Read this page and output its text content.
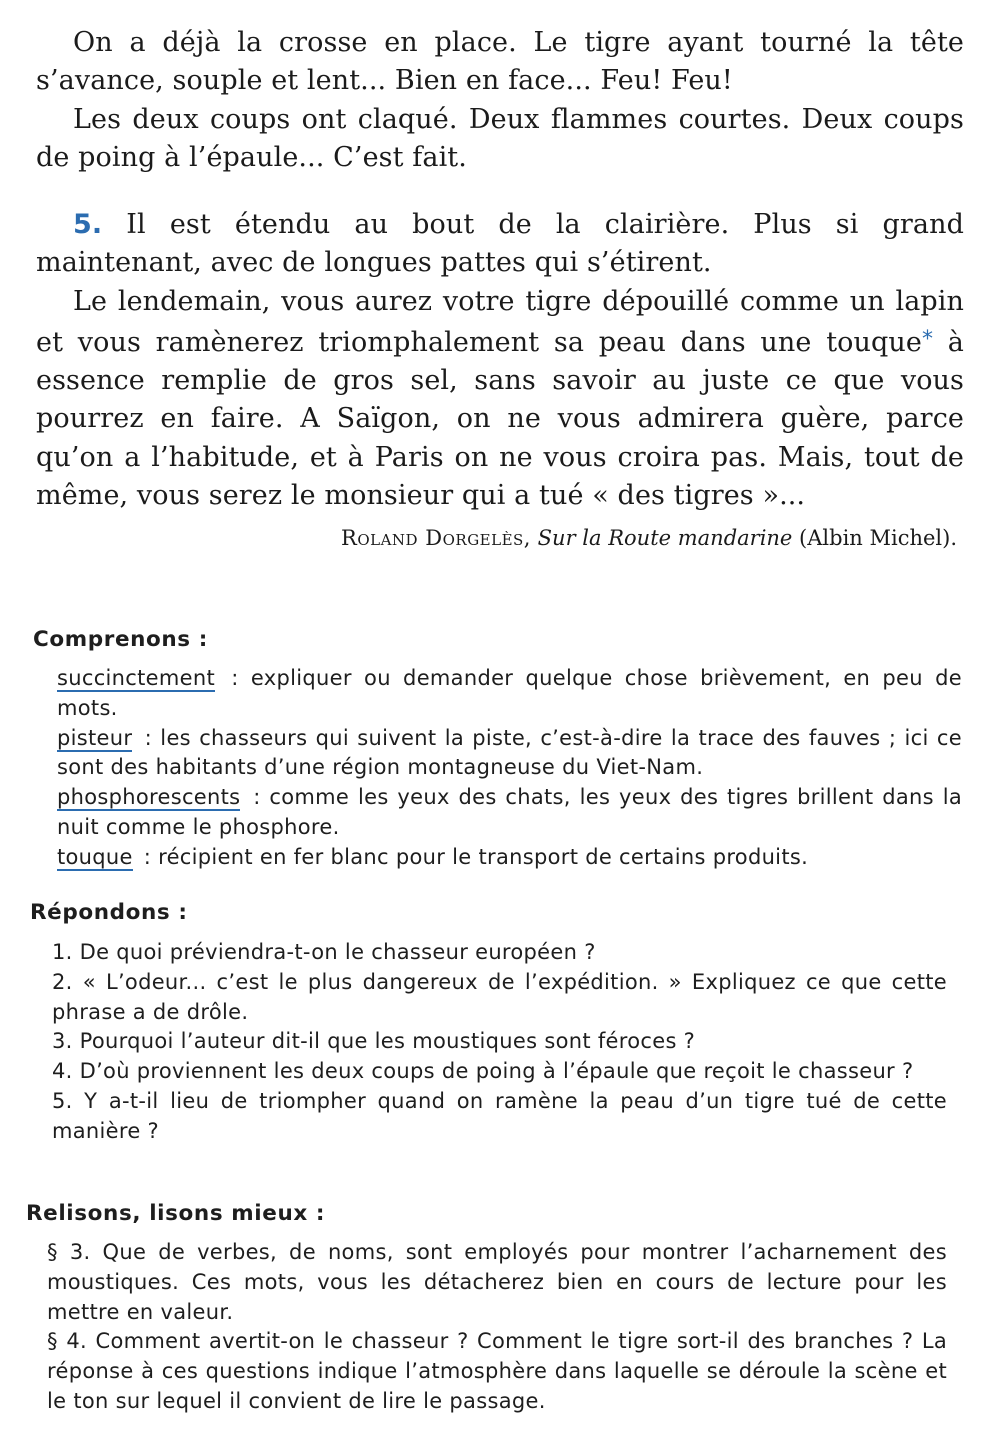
On a déjà la crosse en place. Le tigre ayant tourné la tête s’avance, souple et lent... Bien en face... Feu! Feu!

Les deux coups ont claqué. Deux flammes courtes. Deux coups de poing à l’épaule... C’est fait.

5. Il est étendu au bout de la clairière. Plus si grand maintenant, avec de longues pattes qui s’étirent.

Le lendemain, vous aurez votre tigre dépouillé comme un lapin et vous ramènerez triomphalement sa peau dans une touque* à essence remplie de gros sel, sans savoir au juste ce que vous pourrez en faire. A Saïgon, on ne vous admirera guère, parce qu’on a l’habitude, et à Paris on ne vous croira pas. Mais, tout de même, vous serez le monsieur qui a tué « des tigres »...

Roland Dorgelès, Sur la Route mandarine (Albin Michel).
Comprenons :

succinctement : expliquer ou demander quelque chose brièvement, en peu de mots.

pisteur : les chasseurs qui suivent la piste, c’est-à-dire la trace des fauves ; ici ce sont des habitants d’une région montagneuse du Viet-Nam.

phosphorescents : comme les yeux des chats, les yeux des tigres brillent dans la nuit comme le phosphore.

touque : récipient en fer blanc pour le transport de certains produits.

Répondons :

1. De quoi préviendra-t-on le chasseur européen ?

2. « L’odeur... c’est le plus dangereux de l’expédition. » Expliquez ce que cette phrase a de drôle.

3. Pourquoi l’auteur dit-il que les moustiques sont féroces ?

4. D’où proviennent les deux coups de poing à l’épaule que reçoit le chasseur ?

5. Y a-t-il lieu de triompher quand on ramène la peau d’un tigre tué de cette manière ?

Relisons, lisons mieux :

§ 3. Que de verbes, de noms, sont employés pour montrer l’acharnement des moustiques. Ces mots, vous les détacherez bien en cours de lecture pour les mettre en valeur.

§ 4. Comment avertit-on le chasseur ? Comment le tigre sort-il des branches ? La réponse à ces questions indique l’atmosphère dans laquelle se déroule la scène et le ton sur lequel il convient de lire le passage.
